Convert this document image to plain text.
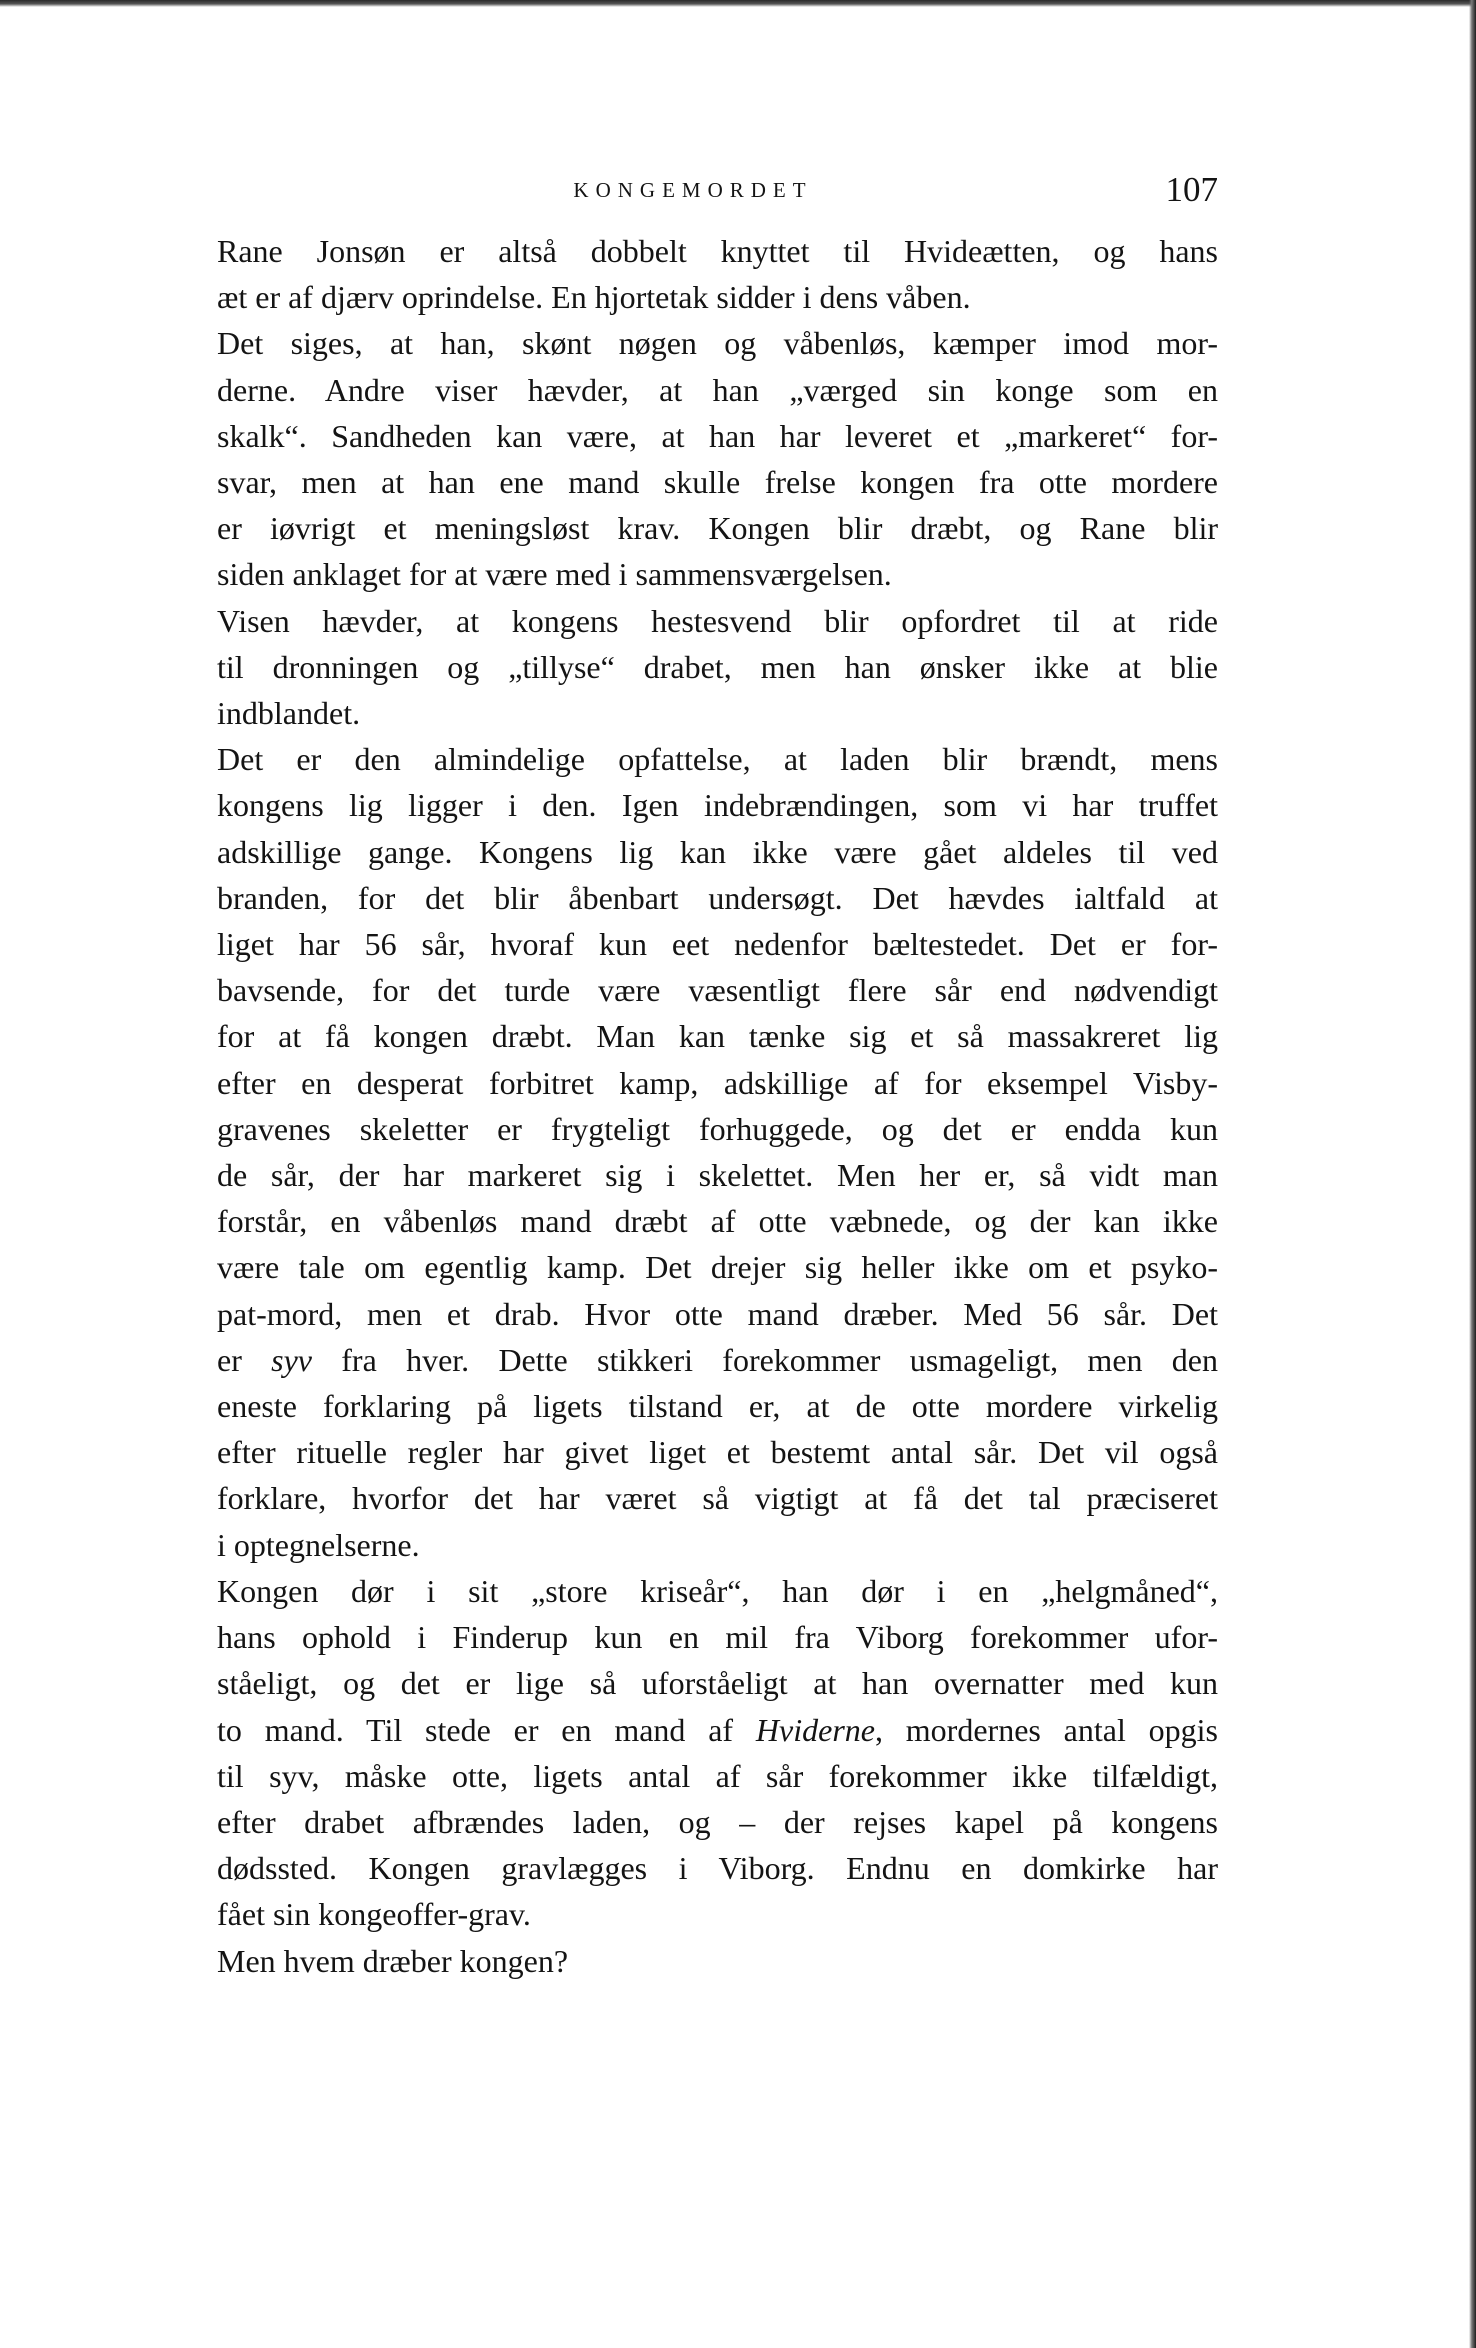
KONGEMORDET	107

Rane Jonsøn er altså dobbelt knyttet til Hvideætten, og hans
æt er af djærv oprindelse. En hjortetak sidder i dens våben.

Det siges, at han, skønt nøgen og våbenløs, kæmper imod mor-
derne. Andre viser hævder, at han „værged sin konge som en
skalk“. Sandheden kan være, at han har leveret et „markeret“ for-
svar, men at han ene mand skulle frelse kongen fra otte mordere
er iøvrigt et meningsløst krav. Kongen blir dræbt, og Rane blir
siden anklaget for at være med i sammensværgelsen.

Visen hævder, at kongens hestesvend blir opfordret til at ride
til dronningen og „tillyse“ drabet, men han ønsker ikke at blie
indblandet.

Det er den almindelige opfattelse, at laden blir brændt, mens
kongens lig ligger i den. Igen indebrændingen, som vi har truffet
adskillige gange. Kongens lig kan ikke være gået aldeles til ved
branden, for det blir åbenbart undersøgt. Det hævdes ialtfald at
liget har 56 sår, hvoraf kun eet nedenfor bæltestedet. Det er for-
bavsende, for det turde være væsentligt flere sår end nødvendigt
for at få kongen dræbt. Man kan tænke sig et så massakreret lig
efter en desperat forbitret kamp, adskillige af for eksempel Visby-
gravenes skeletter er frygteligt forhuggede, og det er endda kun
de sår, der har markeret sig i skelettet. Men her er, så vidt man
forstår, en våbenløs mand dræbt af otte væbnede, og der kan ikke
være tale om egentlig kamp. Det drejer sig heller ikke om et psyko-
pat-mord, men et drab. Hvor otte mand dræber. Med 56 sår. Det
er syv fra hver. Dette stikkeri forekommer usmageligt, men den
eneste forklaring på ligets tilstand er, at de otte mordere virkelig
efter rituelle regler har givet liget et bestemt antal sår. Det vil også
forklare, hvorfor det har været så vigtigt at få det tal præciseret
i optegnelserne.

Kongen dør i sit „store kriseår“, han dør i en „helgmåned“,
hans ophold i Finderup kun en mil fra Viborg forekommer ufor-
ståeligt, og det er lige så uforståeligt at han overnatter med kun
to mand. Til stede er en mand af Hviderne, mordernes antal opgis
til syv, måske otte, ligets antal af sår forekommer ikke tilfældigt,
efter drabet afbrændes laden, og – der rejses kapel på kongens
dødssted. Kongen gravlægges i Viborg. Endnu en domkirke har
fået sin kongeoffer-grav.

Men hvem dræber kongen?
